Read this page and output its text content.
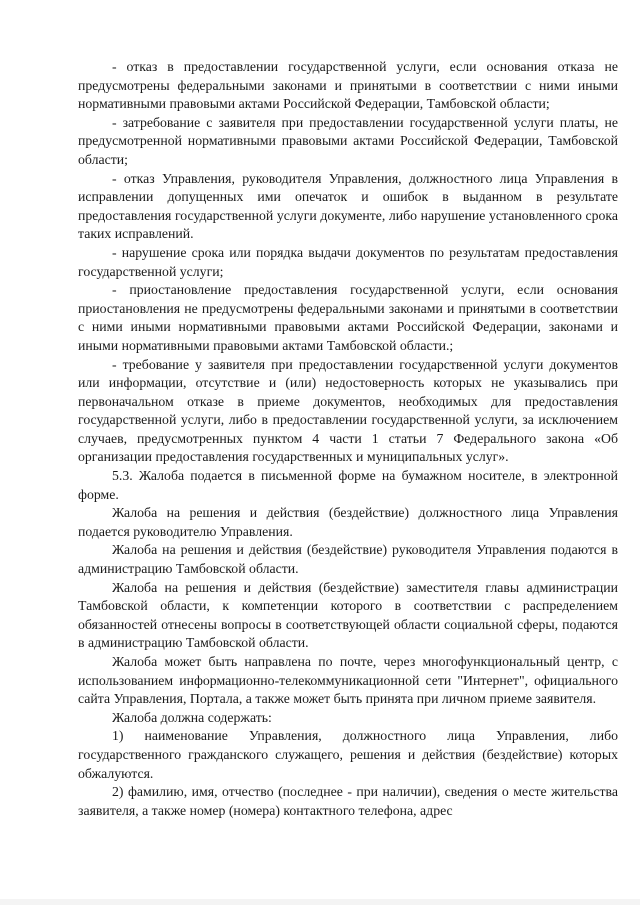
- отказ в предоставлении государственной услуги, если основания отказа не предусмотрены федеральными законами и принятыми в соответствии с ними иными нормативными правовыми актами Российской Федерации, Тамбовской области;

- затребование с заявителя при предоставлении государственной услуги платы, не предусмотренной нормативными правовыми актами Российской Федерации, Тамбовской области;

- отказ Управления, руководителя Управления, должностного лица Управления в исправлении допущенных ими опечаток и ошибок в выданном в результате предоставления государственной услуги документе, либо нарушение установленного срока таких исправлений.

- нарушение срока или порядка выдачи документов по результатам предоставления государственной услуги;

- приостановление предоставления государственной услуги, если основания приостановления не предусмотрены федеральными законами и принятыми в соответствии с ними иными нормативными правовыми актами Российской Федерации, законами и иными нормативными правовыми актами Тамбовской области.;

- требование у заявителя при предоставлении государственной услуги документов или информации, отсутствие и (или) недостоверность которых не указывались при первоначальном отказе в приеме документов, необходимых для предоставления государственной услуги, либо в предоставлении государственной услуги, за исключением случаев, предусмотренных пунктом 4 части 1 статьи 7 Федерального закона «Об организации предоставления государственных и муниципальных услуг».

5.3. Жалоба подается в письменной форме на бумажном носителе, в электронной форме.

Жалоба на решения и действия (бездействие) должностного лица Управления подается руководителю Управления.

Жалоба на решения и действия (бездействие) руководителя Управления подаются в администрацию Тамбовской области.

Жалоба на решения и действия (бездействие) заместителя главы администрации Тамбовской области, к компетенции которого в соответствии с распределением обязанностей отнесены вопросы в соответствующей области социальной сферы, подаются в администрацию Тамбовской области.

Жалоба может быть направлена по почте, через многофункциональный центр, с использованием информационно-телекоммуникационной сети "Интернет", официального сайта Управления, Портала, а также может быть принята при личном приеме заявителя.

Жалоба должна содержать:

1) наименование Управления, должностного лица Управления, либо государственного гражданского служащего, решения и действия (бездействие) которых обжалуются.

2) фамилию, имя, отчество (последнее - при наличии), сведения о месте жительства заявителя, а также номер (номера) контактного телефона, адрес
